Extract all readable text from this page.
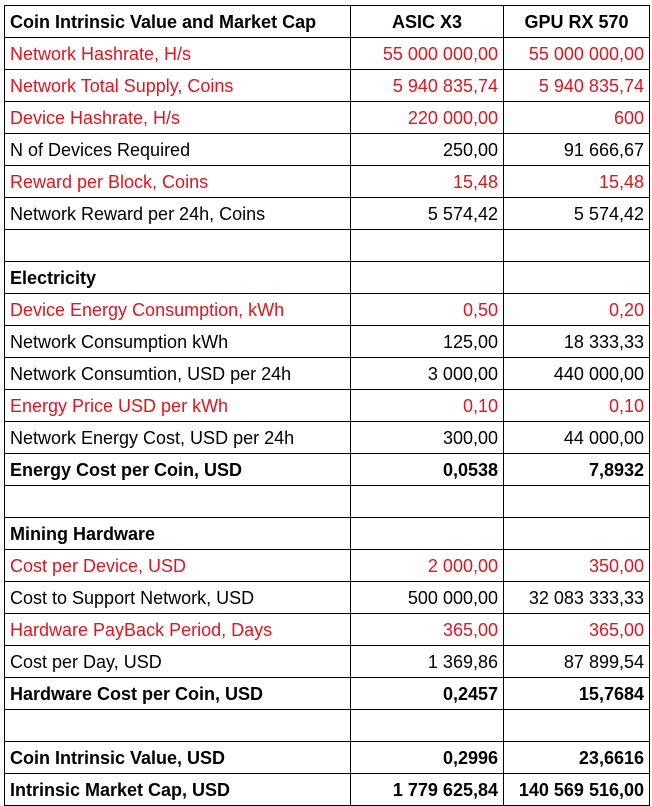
Coin Intrinsic Value and Market Cap	ASIC X3	GPU RX 570
Network Hashrate, H/s	55 000 000,00	55 000 000,00
Network Total Supply, Coins	5 940 835,74	5 940 835,74
Device Hashrate, H/s	220 000,00	600
N of Devices Required	250,00	91 666,67
Reward per Block, Coins	15,48	15,48
Network Reward per 24h, Coins	5 574,42	5 574,42

Electricity		
Device Energy Consumption, kWh	0,50	0,20
Network Consumption kWh	125,00	18 333,33
Network Consumtion, USD per 24h	3 000,00	440 000,00
Energy Price USD per kWh	0,10	0,10
Network Energy Cost, USD per 24h	300,00	44 000,00
Energy Cost per Coin, USD	0,0538	7,8932

Mining Hardware		
Cost per Device, USD	2 000,00	350,00
Cost to Support Network, USD	500 000,00	32 083 333,33
Hardware PayBack Period, Days	365,00	365,00
Cost per Day, USD	1 369,86	87 899,54
Hardware Cost per Coin, USD	0,2457	15,7684

Coin Intrinsic Value, USD	0,2996	23,6616
Intrinsic Market Cap, USD	1 779 625,84	140 569 516,00
